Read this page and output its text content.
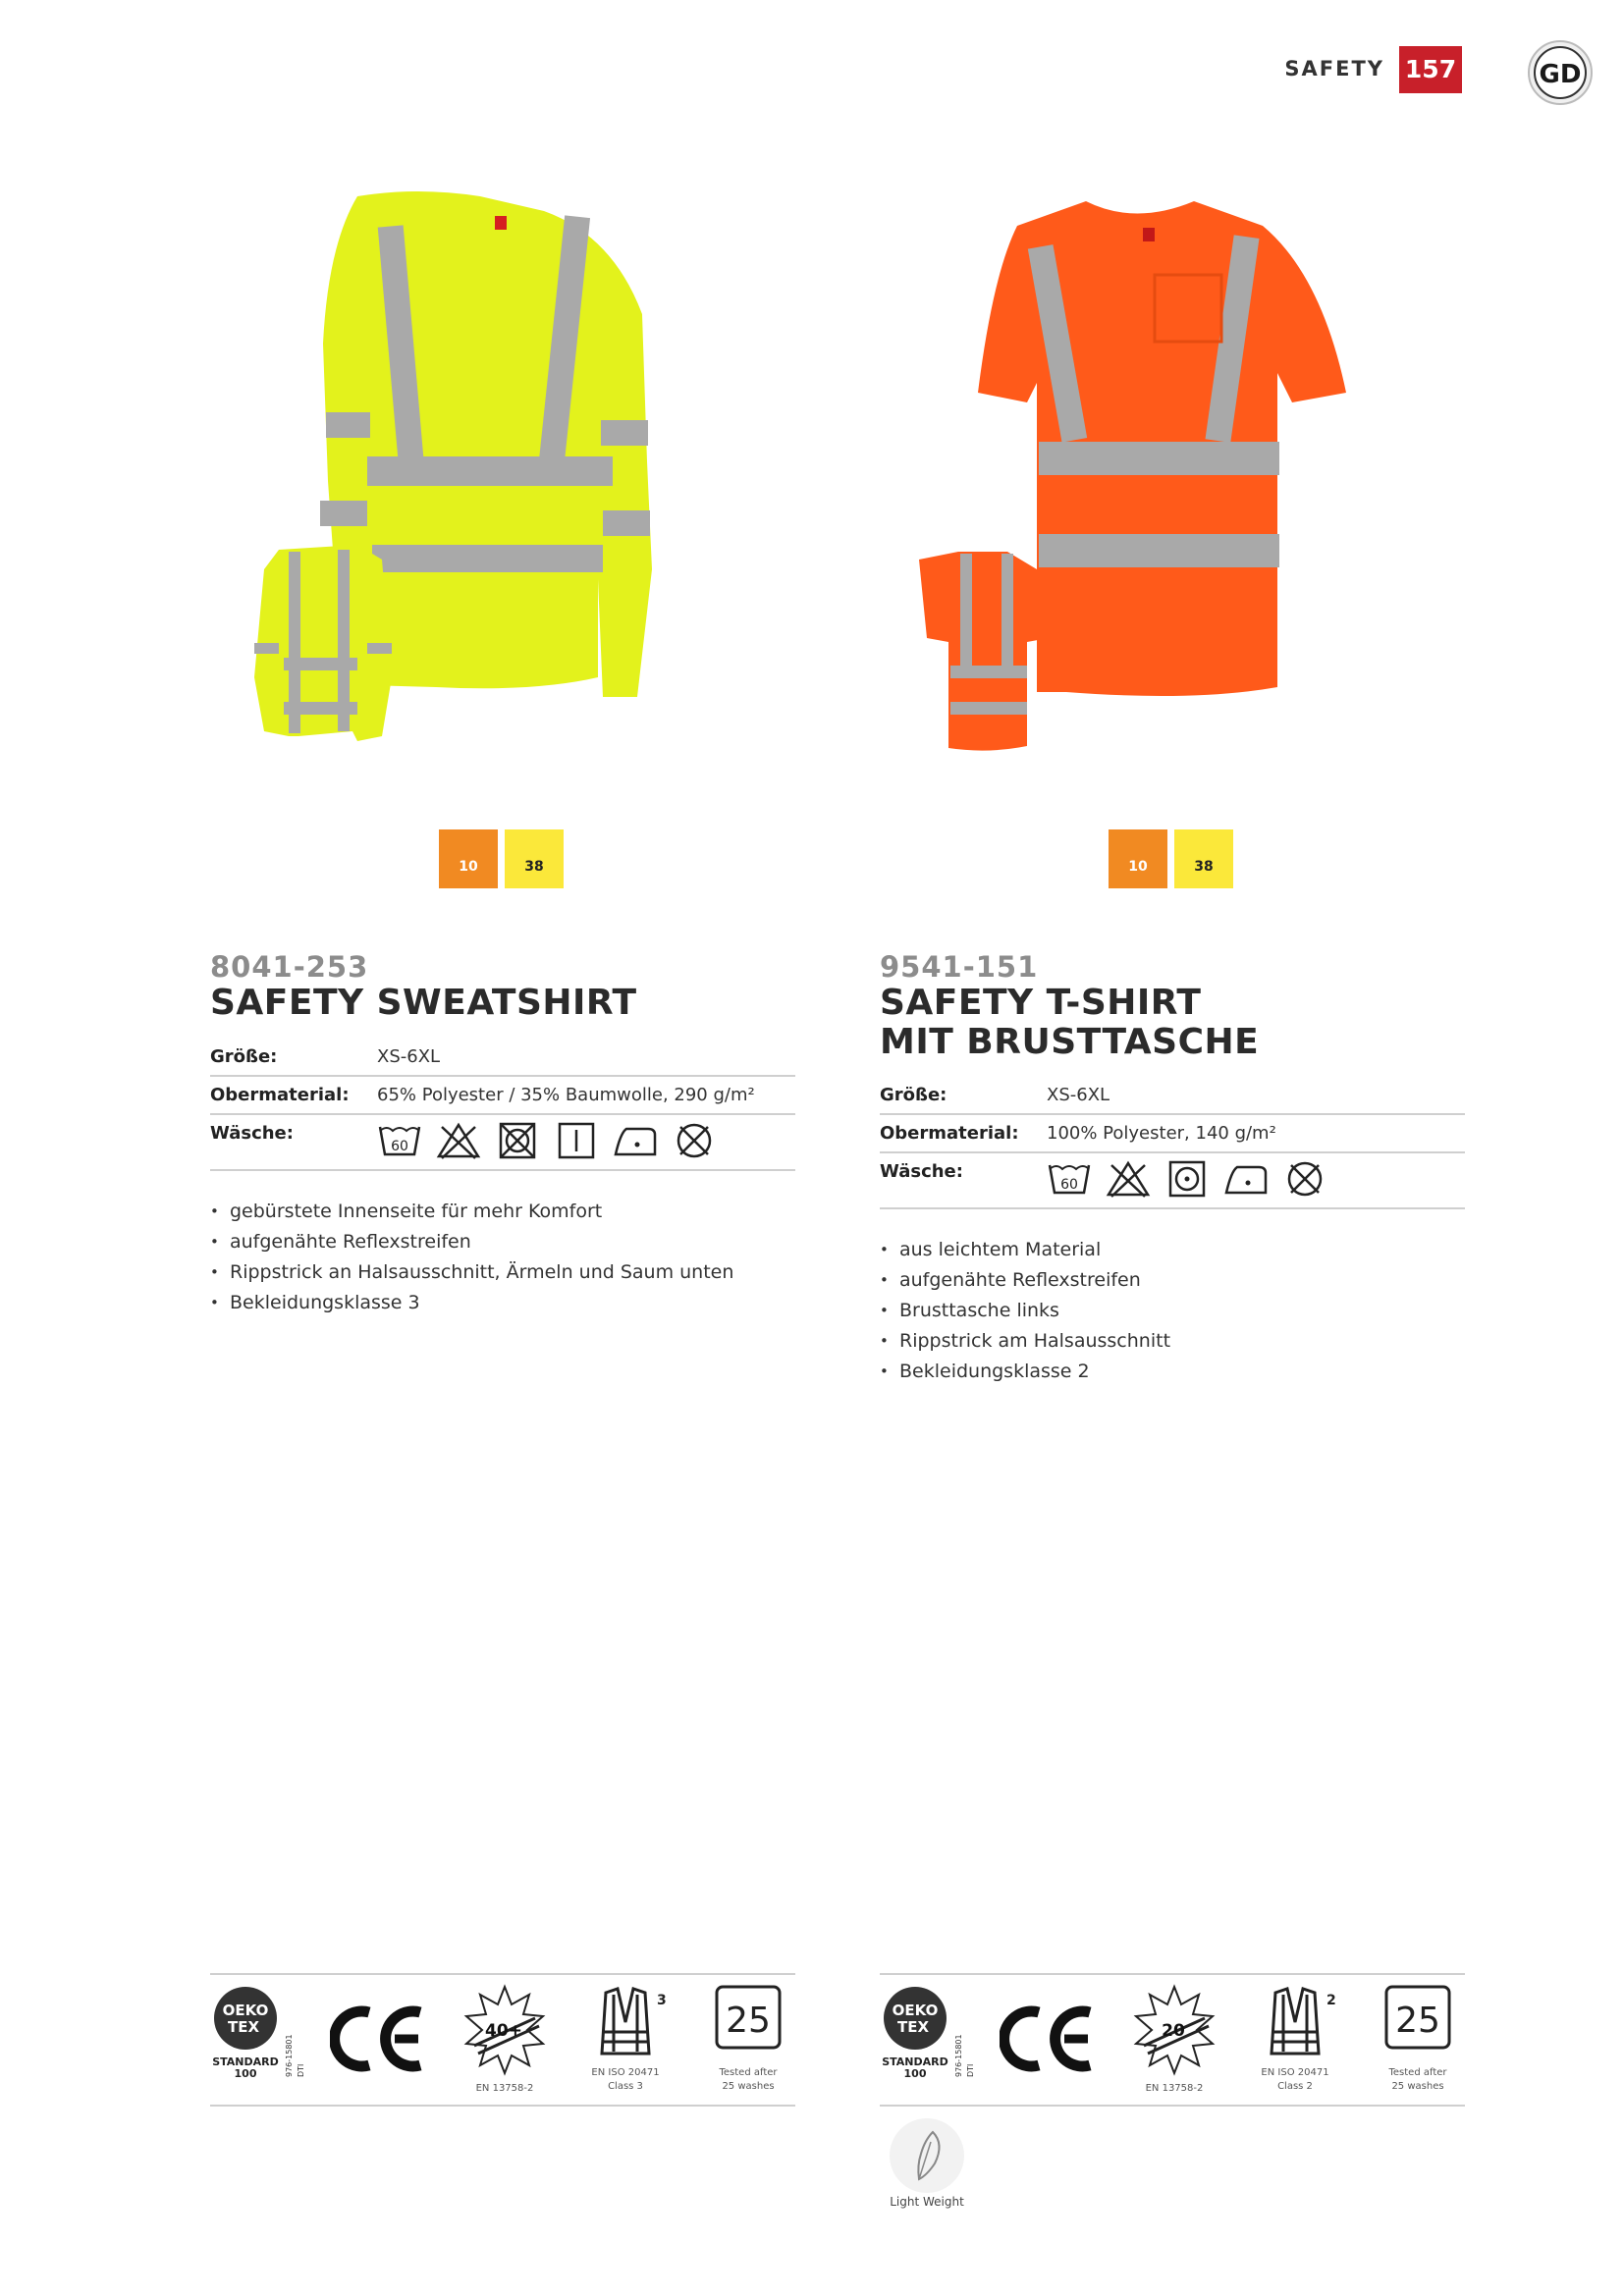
SAFETY 157	GD
10	38
8041-253
SAFETY SWEATSHIRT
Größe:	XS-6XL
Obermaterial: 65% Polyester / 35% Baumwolle, 290 g/m²
Wäsche:
60
• gebürstete Innenseite für mehr Komfort
• aufgenähte Reflexstreifen
• Rippstrick an Halsausschnitt, Ärmeln und Saum unten
• Bekleidungsklasse 3
OEKO
TEX
STANDARD
100	976-15801 DTI
40+
EN 13758-2
3
EN ISO 20471
Class 3
25
Tested after
25 washes
10	38
9541-151
SAFETY T-SHIRT
MIT BRUSTTASCHE
Größe:	XS-6XL
Obermaterial: 100% Polyester, 140 g/m²
Wäsche:
60
• aus leichtem Material
• aufgenähte Reflexstreifen
• Brusttasche links
• Rippstrick am Halsausschnitt
• Bekleidungsklasse 2
OEKO
TEX
STANDARD
100	976-15801 DTI
20
EN 13758-2
2
EN ISO 20471
Class 2
25
Tested after
25 washes
Light Weight
